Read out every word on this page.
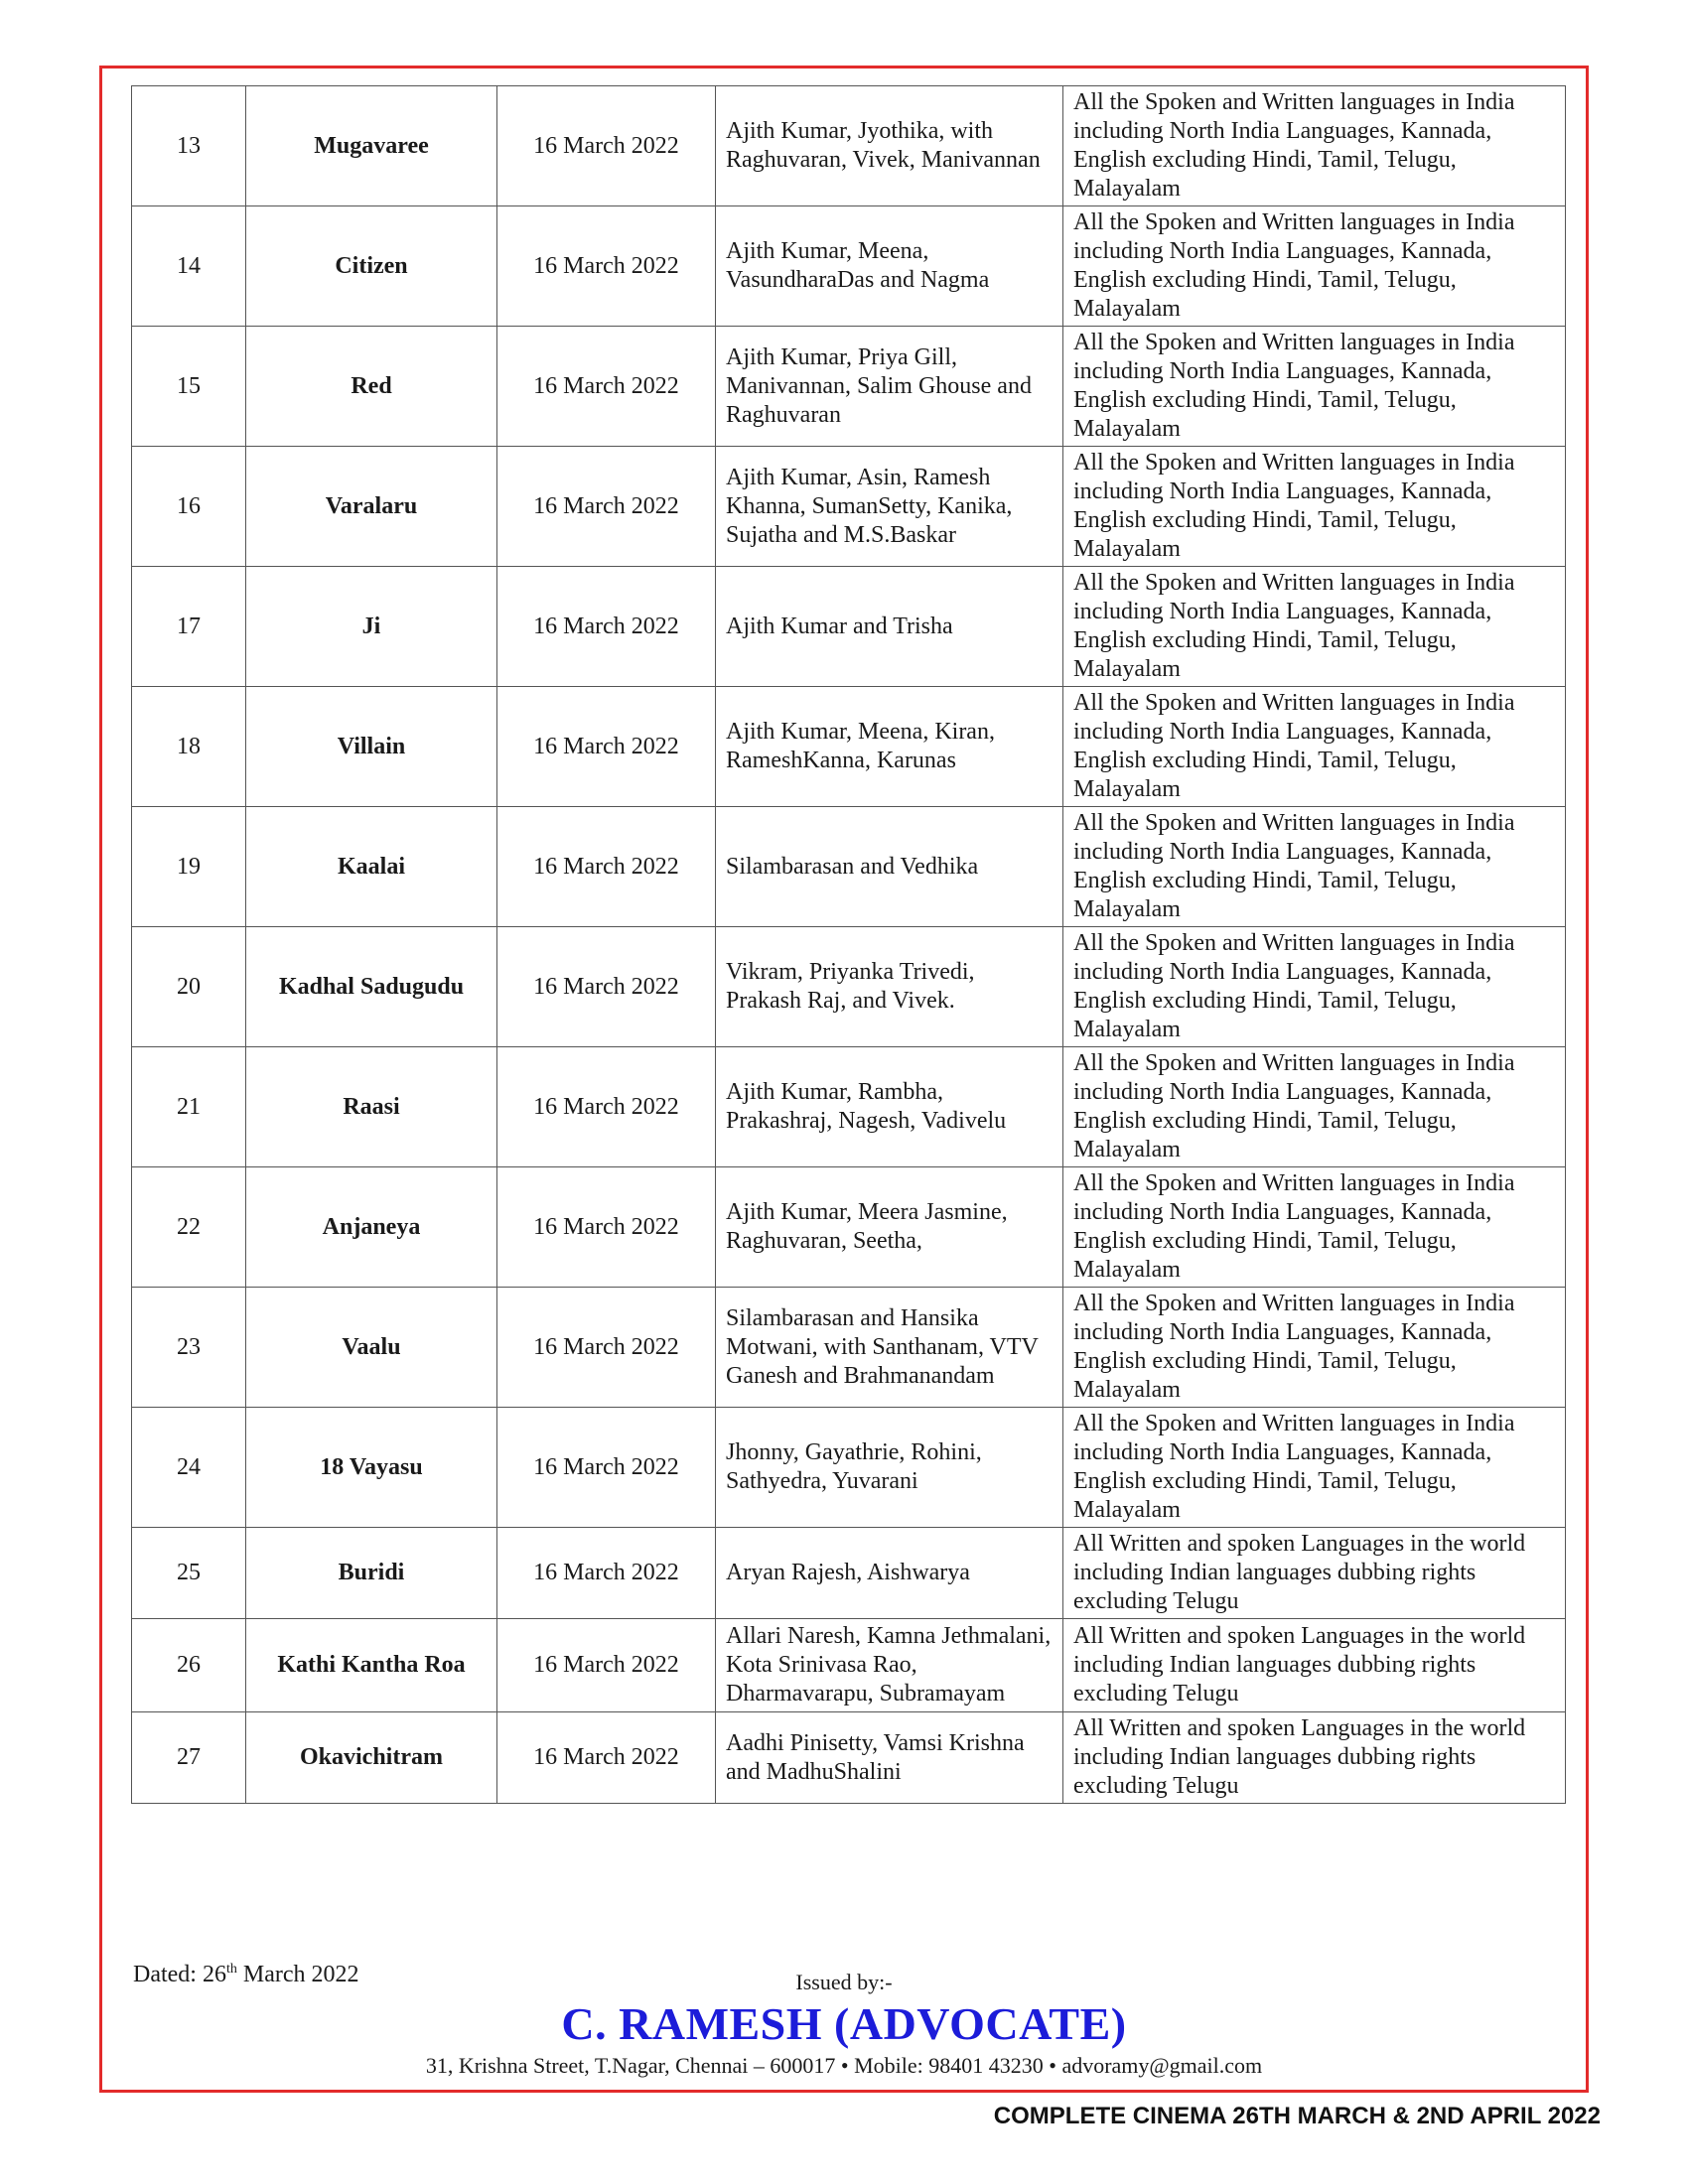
13	Mugavaree	16 March 2022	Ajith Kumar, Jyothika, with Raghuvaran, Vivek, Manivannan	All the Spoken and Written languages in India including North India Languages, Kannada, English excluding Hindi, Tamil, Telugu, Malayalam
14	Citizen	16 March 2022	Ajith Kumar, Meena, VasundharaDas and Nagma	All the Spoken and Written languages in India including North India Languages, Kannada, English excluding Hindi, Tamil, Telugu, Malayalam
15	Red	16 March 2022	Ajith Kumar, Priya Gill, Manivannan, Salim Ghouse and Raghuvaran	All the Spoken and Written languages in India including North India Languages, Kannada, English excluding Hindi, Tamil, Telugu, Malayalam
16	Varalaru	16 March 2022	Ajith Kumar, Asin, Ramesh Khanna, SumanSetty, Kanika, Sujatha and M.S.Baskar	All the Spoken and Written languages in India including North India Languages, Kannada, English excluding Hindi, Tamil, Telugu, Malayalam
17	Ji	16 March 2022	Ajith Kumar and Trisha	All the Spoken and Written languages in India including North India Languages, Kannada, English excluding Hindi, Tamil, Telugu, Malayalam
18	Villain	16 March 2022	Ajith Kumar, Meena, Kiran, RameshKanna, Karunas	All the Spoken and Written languages in India including North India Languages, Kannada, English excluding Hindi, Tamil, Telugu, Malayalam
19	Kaalai	16 March 2022	Silambarasan and Vedhika	All the Spoken and Written languages in India including North India Languages, Kannada, English excluding Hindi, Tamil, Telugu, Malayalam
20	Kadhal Sadugudu	16 March 2022	Vikram, Priyanka Trivedi, Prakash Raj, and Vivek.	All the Spoken and Written languages in India including North India Languages, Kannada, English excluding Hindi, Tamil, Telugu, Malayalam
21	Raasi	16 March 2022	Ajith Kumar, Rambha, Prakashraj, Nagesh, Vadivelu	All the Spoken and Written languages in India including North India Languages, Kannada, English excluding Hindi, Tamil, Telugu, Malayalam
22	Anjaneya	16 March 2022	Ajith Kumar, Meera Jasmine, Raghuvaran, Seetha,	All the Spoken and Written languages in India including North India Languages, Kannada, English excluding Hindi, Tamil, Telugu, Malayalam
23	Vaalu	16 March 2022	Silambarasan and Hansika Motwani, with Santhanam, VTV Ganesh and Brahmanandam	All the Spoken and Written languages in India including North India Languages, Kannada, English excluding Hindi, Tamil, Telugu, Malayalam
24	18 Vayasu	16 March 2022	Jhonny, Gayathrie, Rohini, Sathyedra, Yuvarani	All the Spoken and Written languages in India including North India Languages, Kannada, English excluding Hindi, Tamil, Telugu, Malayalam
25	Buridi	16 March 2022	Aryan Rajesh, Aishwarya	All Written and spoken Languages in the world including Indian languages dubbing rights excluding Telugu
26	Kathi Kantha Roa	16 March 2022	Allari Naresh, Kamna Jethmalani, Kota Srinivasa Rao, Dharmavarapu, Subramayam	All Written and spoken Languages in the world including Indian languages dubbing rights excluding Telugu
27	Okavichitram	16 March 2022	Aadhi Pinisetty, Vamsi Krishna and MadhuShalini	All Written and spoken Languages in the world including Indian languages dubbing rights excluding Telugu
Dated: 26th March 2022	Issued by:-
C. RAMESH (ADVOCATE)
31, Krishna Street, T.Nagar, Chennai – 600017 • Mobile: 98401 43230 • advoramy@gmail.com
COMPLETE CINEMA 26TH MARCH & 2ND APRIL 2022
